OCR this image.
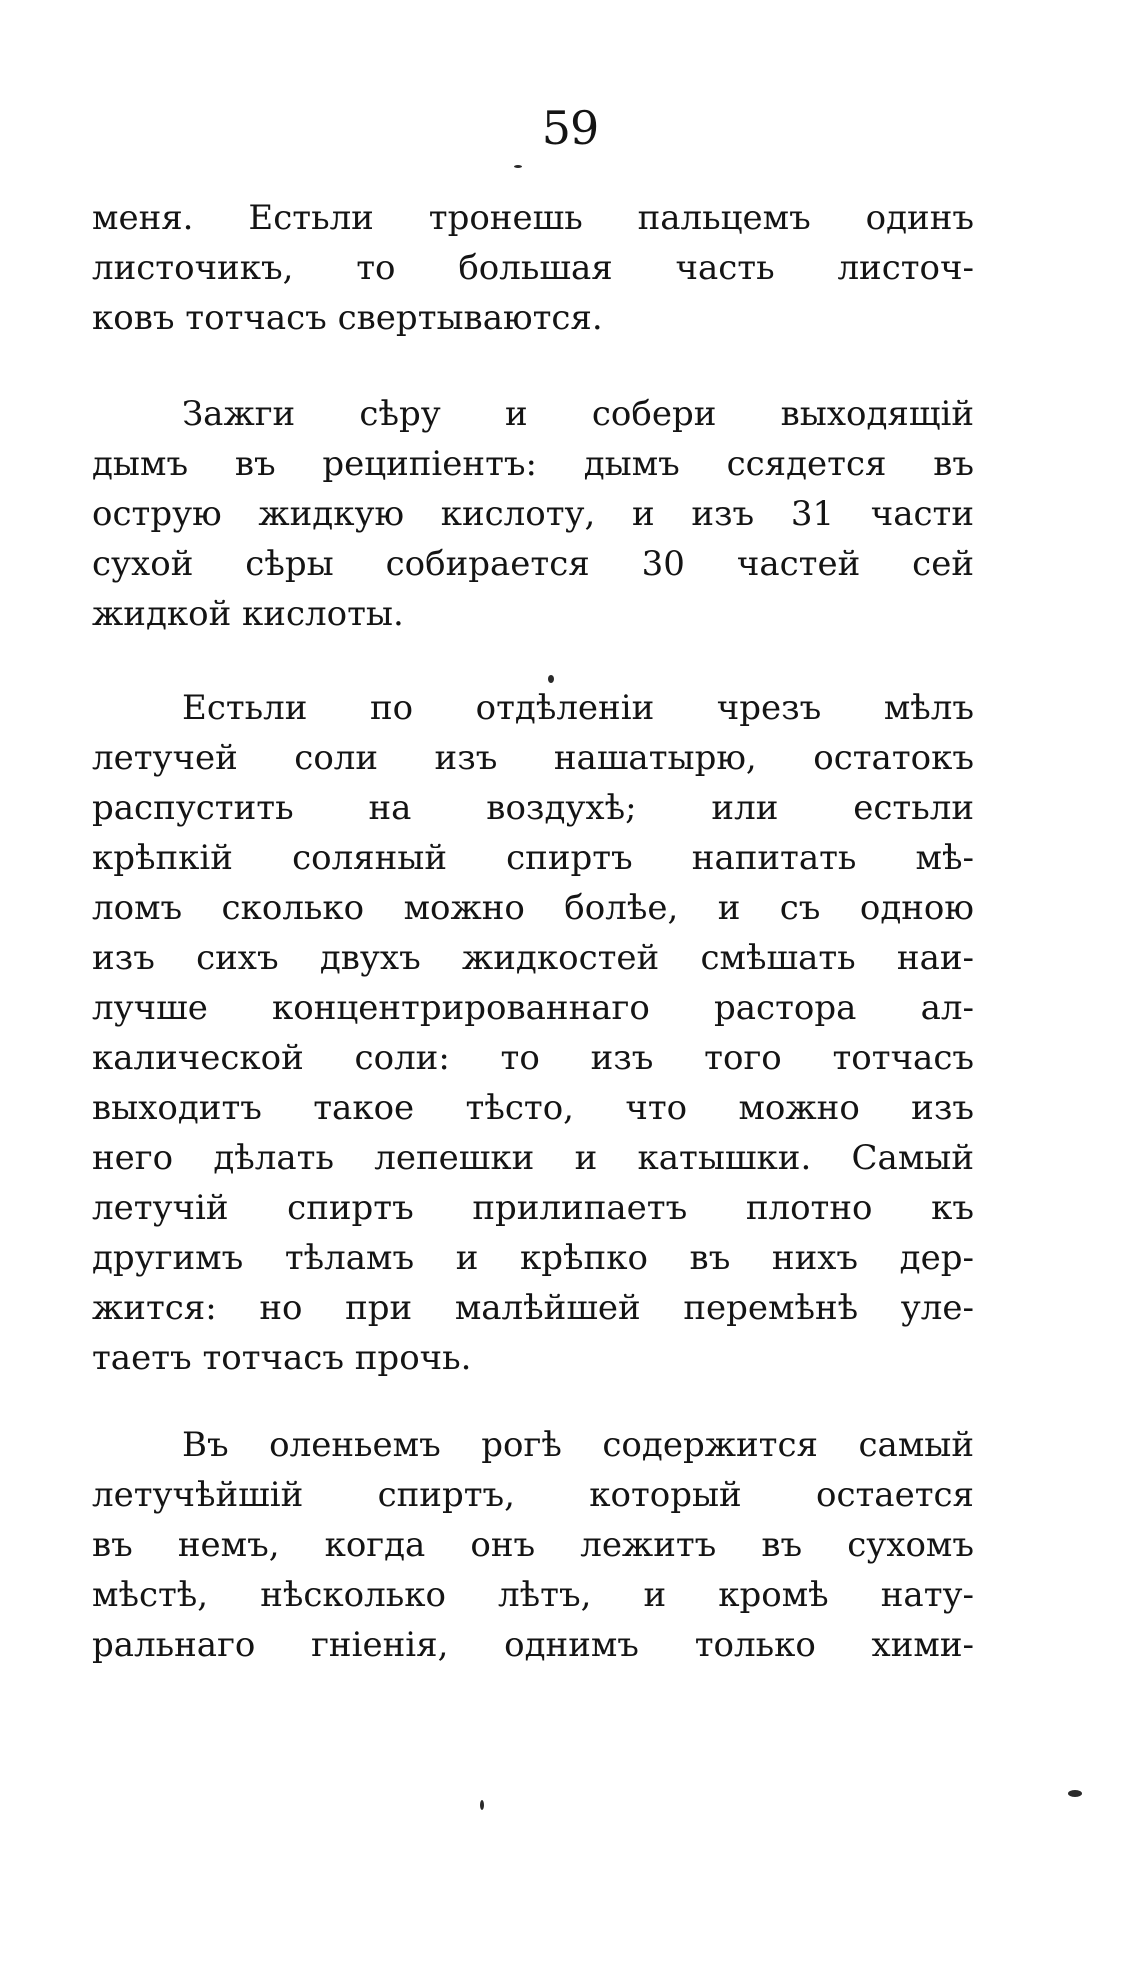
59
меня. Естьли тронешь пальцемъ одинъ
листочикъ, то большая часть листоч-
ковъ тотчасъ свертываются.
Зажги сѣру и собери выходящiй
дымъ въ реципiентъ: дымъ ссядется въ
острую жидкую кислоту, и изъ 31 части
сухой сѣры собирается 30 частей сей
жидкой кислоты.
Естьли по отдѣленiи чрезъ мѣлъ
летучей соли изъ нашатырю, остатокъ
распустить на воздухѣ; или естьли
крѣпкiй соляный спиртъ напитать мѣ-
ломъ сколько можно болѣе, и съ одною
изъ сихъ двухъ жидкостей смѣшать наи-
лучше концентрированнаго растора ал-
калической соли: то изъ того тотчасъ
выходитъ такое тѣсто, что можно изъ
него дѣлать лепешки и катышки. Самый
летучiй спиртъ прилипаетъ плотно къ
другимъ тѣламъ и крѣпко въ нихъ дер-
жится: но при малѣйшей перемѣнѣ уле-
таетъ тотчасъ прочь.
Въ оленьемъ рогѣ содержится самый
летучѣйшiй спиртъ, который остается
въ немъ, когда онъ лежитъ въ сухомъ
мѣстѣ, нѣсколько лѣтъ, и кромѣ нату-
ральнаго гнiенiя, однимъ только хими-
